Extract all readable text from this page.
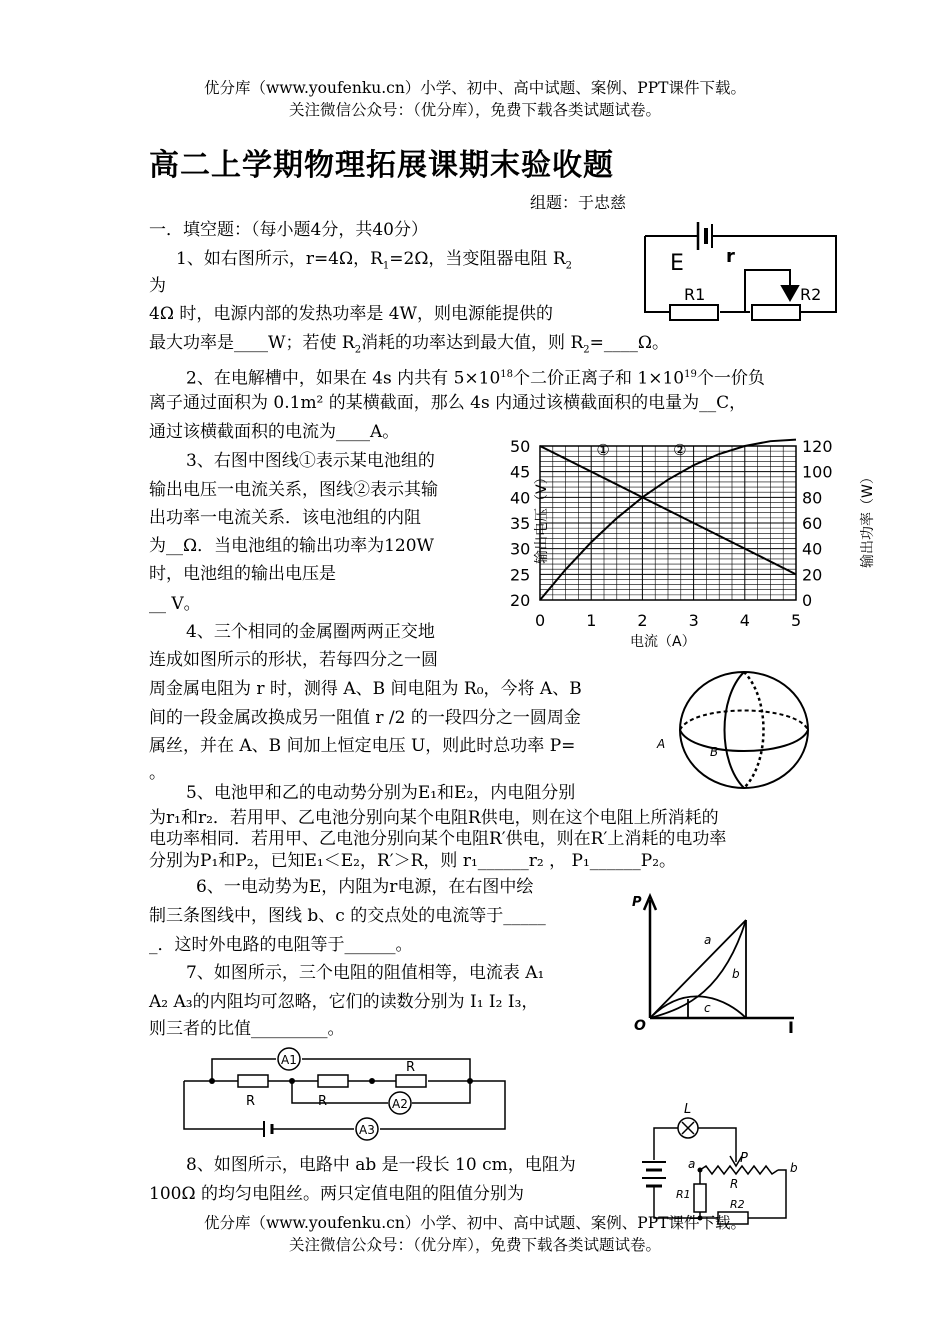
优分库（www.youfenku.cn）小学、初中、高中试题、案例、PPT课件下载。
关注微信公众号：（优分库），免费下载各类试题试卷。
高二上学期物理拓展课期末验收题
组题：于忠慈
一．填空题：（每小题4分，共40分）
1、如右图所示，r=4Ω，$R_1=2\Omega$，当变阻器电阻 $R_2$
为
4Ω 时，电源内部的发热功率是 4W，则电源能提供的
最大功率是____W；若使 $R_2$消耗的功率达到最大值，则 $R_2=\_\_\_\_\Omega$。
E r
R1	R2
2、在电解槽中，如果在 4s 内共有 $5\times 10^{18}$个二价正离子和 $1\times 10^{19}$个一价负
离子通过面积为 0.1m² 的某横截面，那么 4s 内通过该横截面积的电量为__C，
通过该横截面积的电流为____A。
3、右图中图线①表示某电池组的
输出电压一电流关系，图线②表示其输
出功率一电流关系．该电池组的内阻
为__Ω．当电池组的输出功率为120W
时，电池组的输出电压是
__ V。
0	1	2	3	4	5
20
25
30
35
40
45
50
0
20
40
60
80
100
120
输出电压（V）	输出功率（W）
电流（A）
①	②
4、三个相同的金属圈两两正交地
连成如图所示的形状，若每四分之一圆
周金属电阻为 r 时，测得 A、B 间电阻为 R₀，今将 A、B
间的一段金属改换成另一阻值 r /2 的一段四分之一圆周金
属丝，并在 A、B 间加上恒定电压 U，则此时总功率 P=
。
A
B
5、电池甲和乙的电动势分别为E₁和E₂，内电阻分别
为r₁和r₂．若用甲、乙电池分别向某个电阻R供电，则在这个电阻上所消耗的
电功率相同．若用甲、乙电池分别向某个电阻R′供电，则在R′上消耗的电功率
分别为P₁和P₂，已知E₁＜E₂，R′＞R，则 r₁______r₂ ， P₁______P₂。
6、一电动势为E，内阻为r电源，在右图中绘
制三条图线中，图线 b、c 的交点处的电流等于_____
_．这时外电路的电阻等于______。
P
a
b
c
O	I
7、如图所示，三个电阻的阻值相等，电流表 A₁
A₂ A₃的内阻均可忽略，它们的读数分别为 I₁ I₂ I₃，
则三者的比值_________。
A1
A2
A3
R	R
R
8、如图所示，电路中 ab 是一段长 10 cm，电阻为
100Ω 的均匀电阻丝。两只定值电阻的阻值分别为
L
P
a	b
R
R1
R2
优分库（www.youfenku.cn）小学、初中、高中试题、案例、PPT课件下载。
关注微信公众号：（优分库），免费下载各类试题试卷。
